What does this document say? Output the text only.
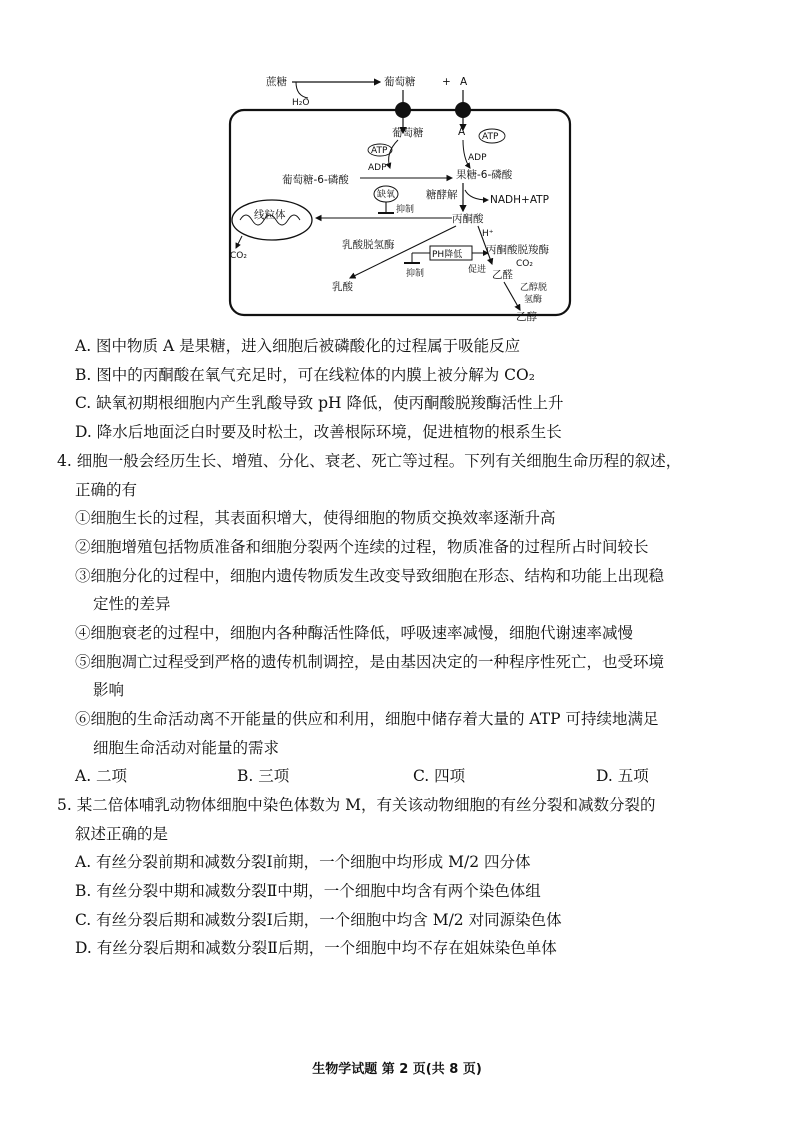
蔗糖
H₂O
葡萄糖	+ A
葡萄糖
ATP
ADP
葡萄糖-6-磷酸
A ATP
ADP
果糖-6-磷酸
糖酵解	NADH+ATP
缺氧
抑制
线粒体
CO₂
丙酮酸
H⁺
乳酸脱氢酶	丙酮酸脱羧酶
PH降低
抑制	促进
CO₂
乙醛
乙醇脱
氢酶
乳酸
乙醇
A. 图中物质 A 是果糖，进入细胞后被磷酸化的过程属于吸能反应
B. 图中的丙酮酸在氧气充足时，可在线粒体的内膜上被分解为 CO₂
C. 缺氧初期根细胞内产生乳酸导致 pH 降低，使丙酮酸脱羧酶活性上升
D. 降水后地面泛白时要及时松土，改善根际环境，促进植物的根系生长
4. 细胞一般会经历生长、增殖、分化、衰老、死亡等过程。下列有关细胞生命历程的叙述，
正确的有
①细胞生长的过程，其表面积增大，使得细胞的物质交换效率逐渐升高
②细胞增殖包括物质准备和细胞分裂两个连续的过程，物质准备的过程所占时间较长
③细胞分化的过程中，细胞内遗传物质发生改变导致细胞在形态、结构和功能上出现稳
定性的差异
④细胞衰老的过程中，细胞内各种酶活性降低，呼吸速率减慢，细胞代谢速率减慢
⑤细胞凋亡过程受到严格的遗传机制调控，是由基因决定的一种程序性死亡，也受环境
影响
⑥细胞的生命活动离不开能量的供应和利用，细胞中储存着大量的 ATP 可持续地满足
细胞生命活动对能量的需求
A. 二项	B. 三项	C. 四项	D. 五项
5. 某二倍体哺乳动物体细胞中染色体数为 M，有关该动物细胞的有丝分裂和减数分裂的
叙述正确的是
A. 有丝分裂前期和减数分裂Ⅰ前期，一个细胞中均形成 M/2 四分体
B. 有丝分裂中期和减数分裂Ⅱ中期，一个细胞中均含有两个染色体组
C. 有丝分裂后期和减数分裂Ⅰ后期，一个细胞中均含 M/2 对同源染色体
D. 有丝分裂后期和减数分裂Ⅱ后期，一个细胞中均不存在姐妹染色单体
生物学试题 第 2 页(共 8 页)
